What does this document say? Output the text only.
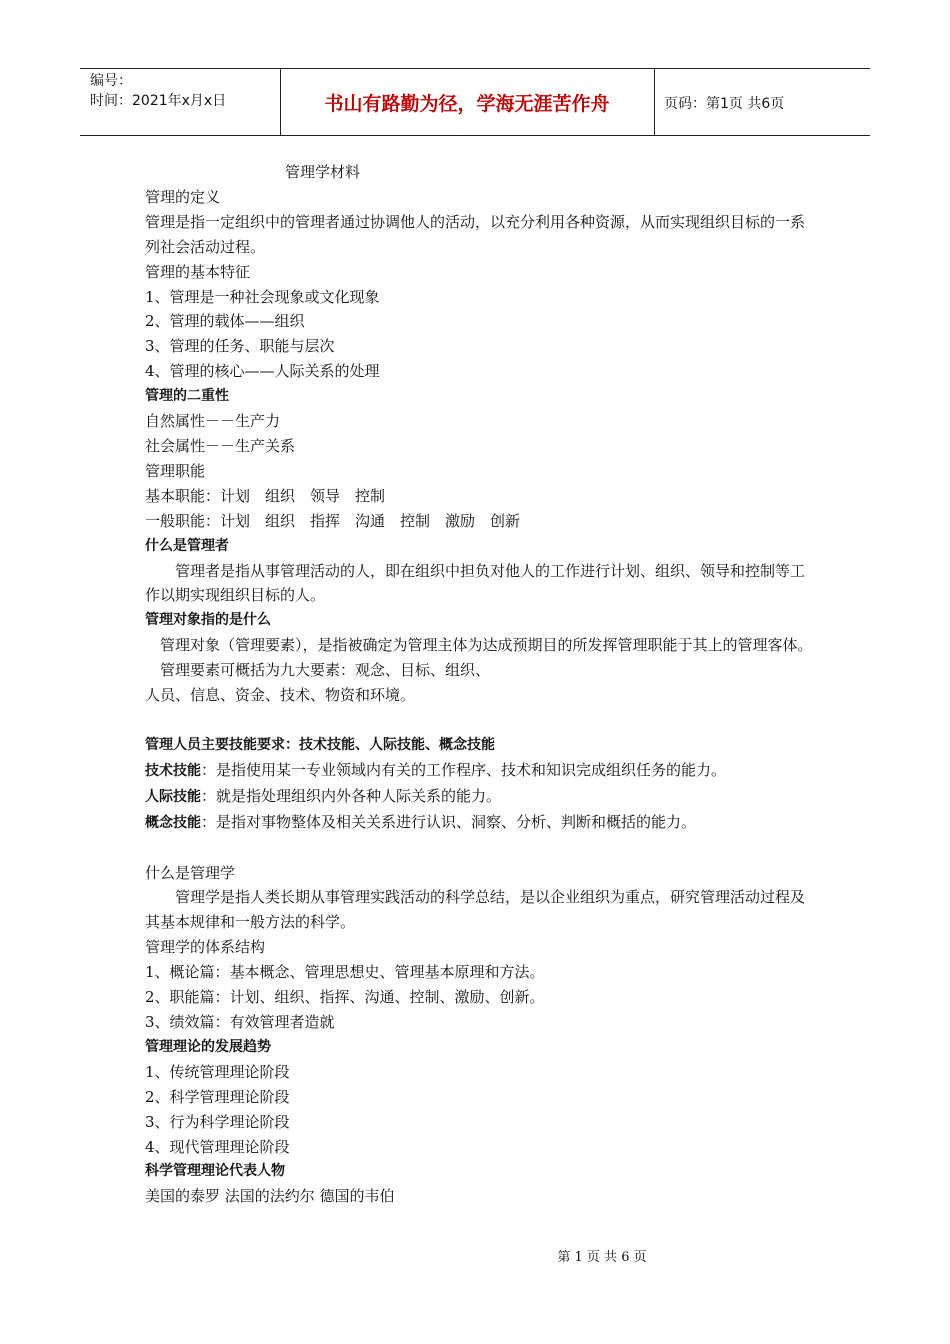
编号：
时间：2021年x月x日	书山有路勤为径，学海无涯苦作舟	页码：第1页 共6页

管理学材料

管理的定义

管理是指一定组织中的管理者通过协调他人的活动，以充分利用各种资源，从而实现组织目标的一系列社会活动过程。

管理的基本特征

1、管理是一种社会现象或文化现象

2、管理的载体——组织

3、管理的任务、职能与层次

4、管理的核心——人际关系的处理

管理的二重性

自然属性－－生产力

社会属性－－生产关系

管理职能

基本职能：计划　组织　领导　控制

一般职能：计划　组织　指挥　沟通　控制　激励　创新

什么是管理者

　　管理者是指从事管理活动的人，即在组织中担负对他人的工作进行计划、组织、领导和控制等工作以期实现组织目标的人。

管理对象指的是什么

　管理对象（管理要素），是指被确定为管理主体为达成预期目的所发挥管理职能于其上的管理客体。

　管理要素可概括为九大要素：观念、目标、组织、

人员、信息、资金、技术、物资和环境。

管理人员主要技能要求：技术技能、人际技能、概念技能

技术技能：是指使用某一专业领域内有关的工作程序、技术和知识完成组织任务的能力。

人际技能：就是指处理组织内外各种人际关系的能力。

概念技能：是指对事物整体及相关关系进行认识、洞察、分析、判断和概括的能力。

什么是管理学

　　管理学是指人类长期从事管理实践活动的科学总结，是以企业组织为重点，研究管理活动过程及其基本规律和一般方法的科学。

管理学的体系结构

1、概论篇：基本概念、管理思想史、管理基本原理和方法。

2、职能篇：计划、组织、指挥、沟通、控制、激励、创新。

3、绩效篇：有效管理者造就

管理理论的发展趋势

1、传统管理理论阶段

2、科学管理理论阶段

3、行为科学理论阶段

4、现代管理理论阶段

科学管理理论代表人物

美国的泰罗 法国的法约尔 德国的韦伯

第 1 页 共 6 页
